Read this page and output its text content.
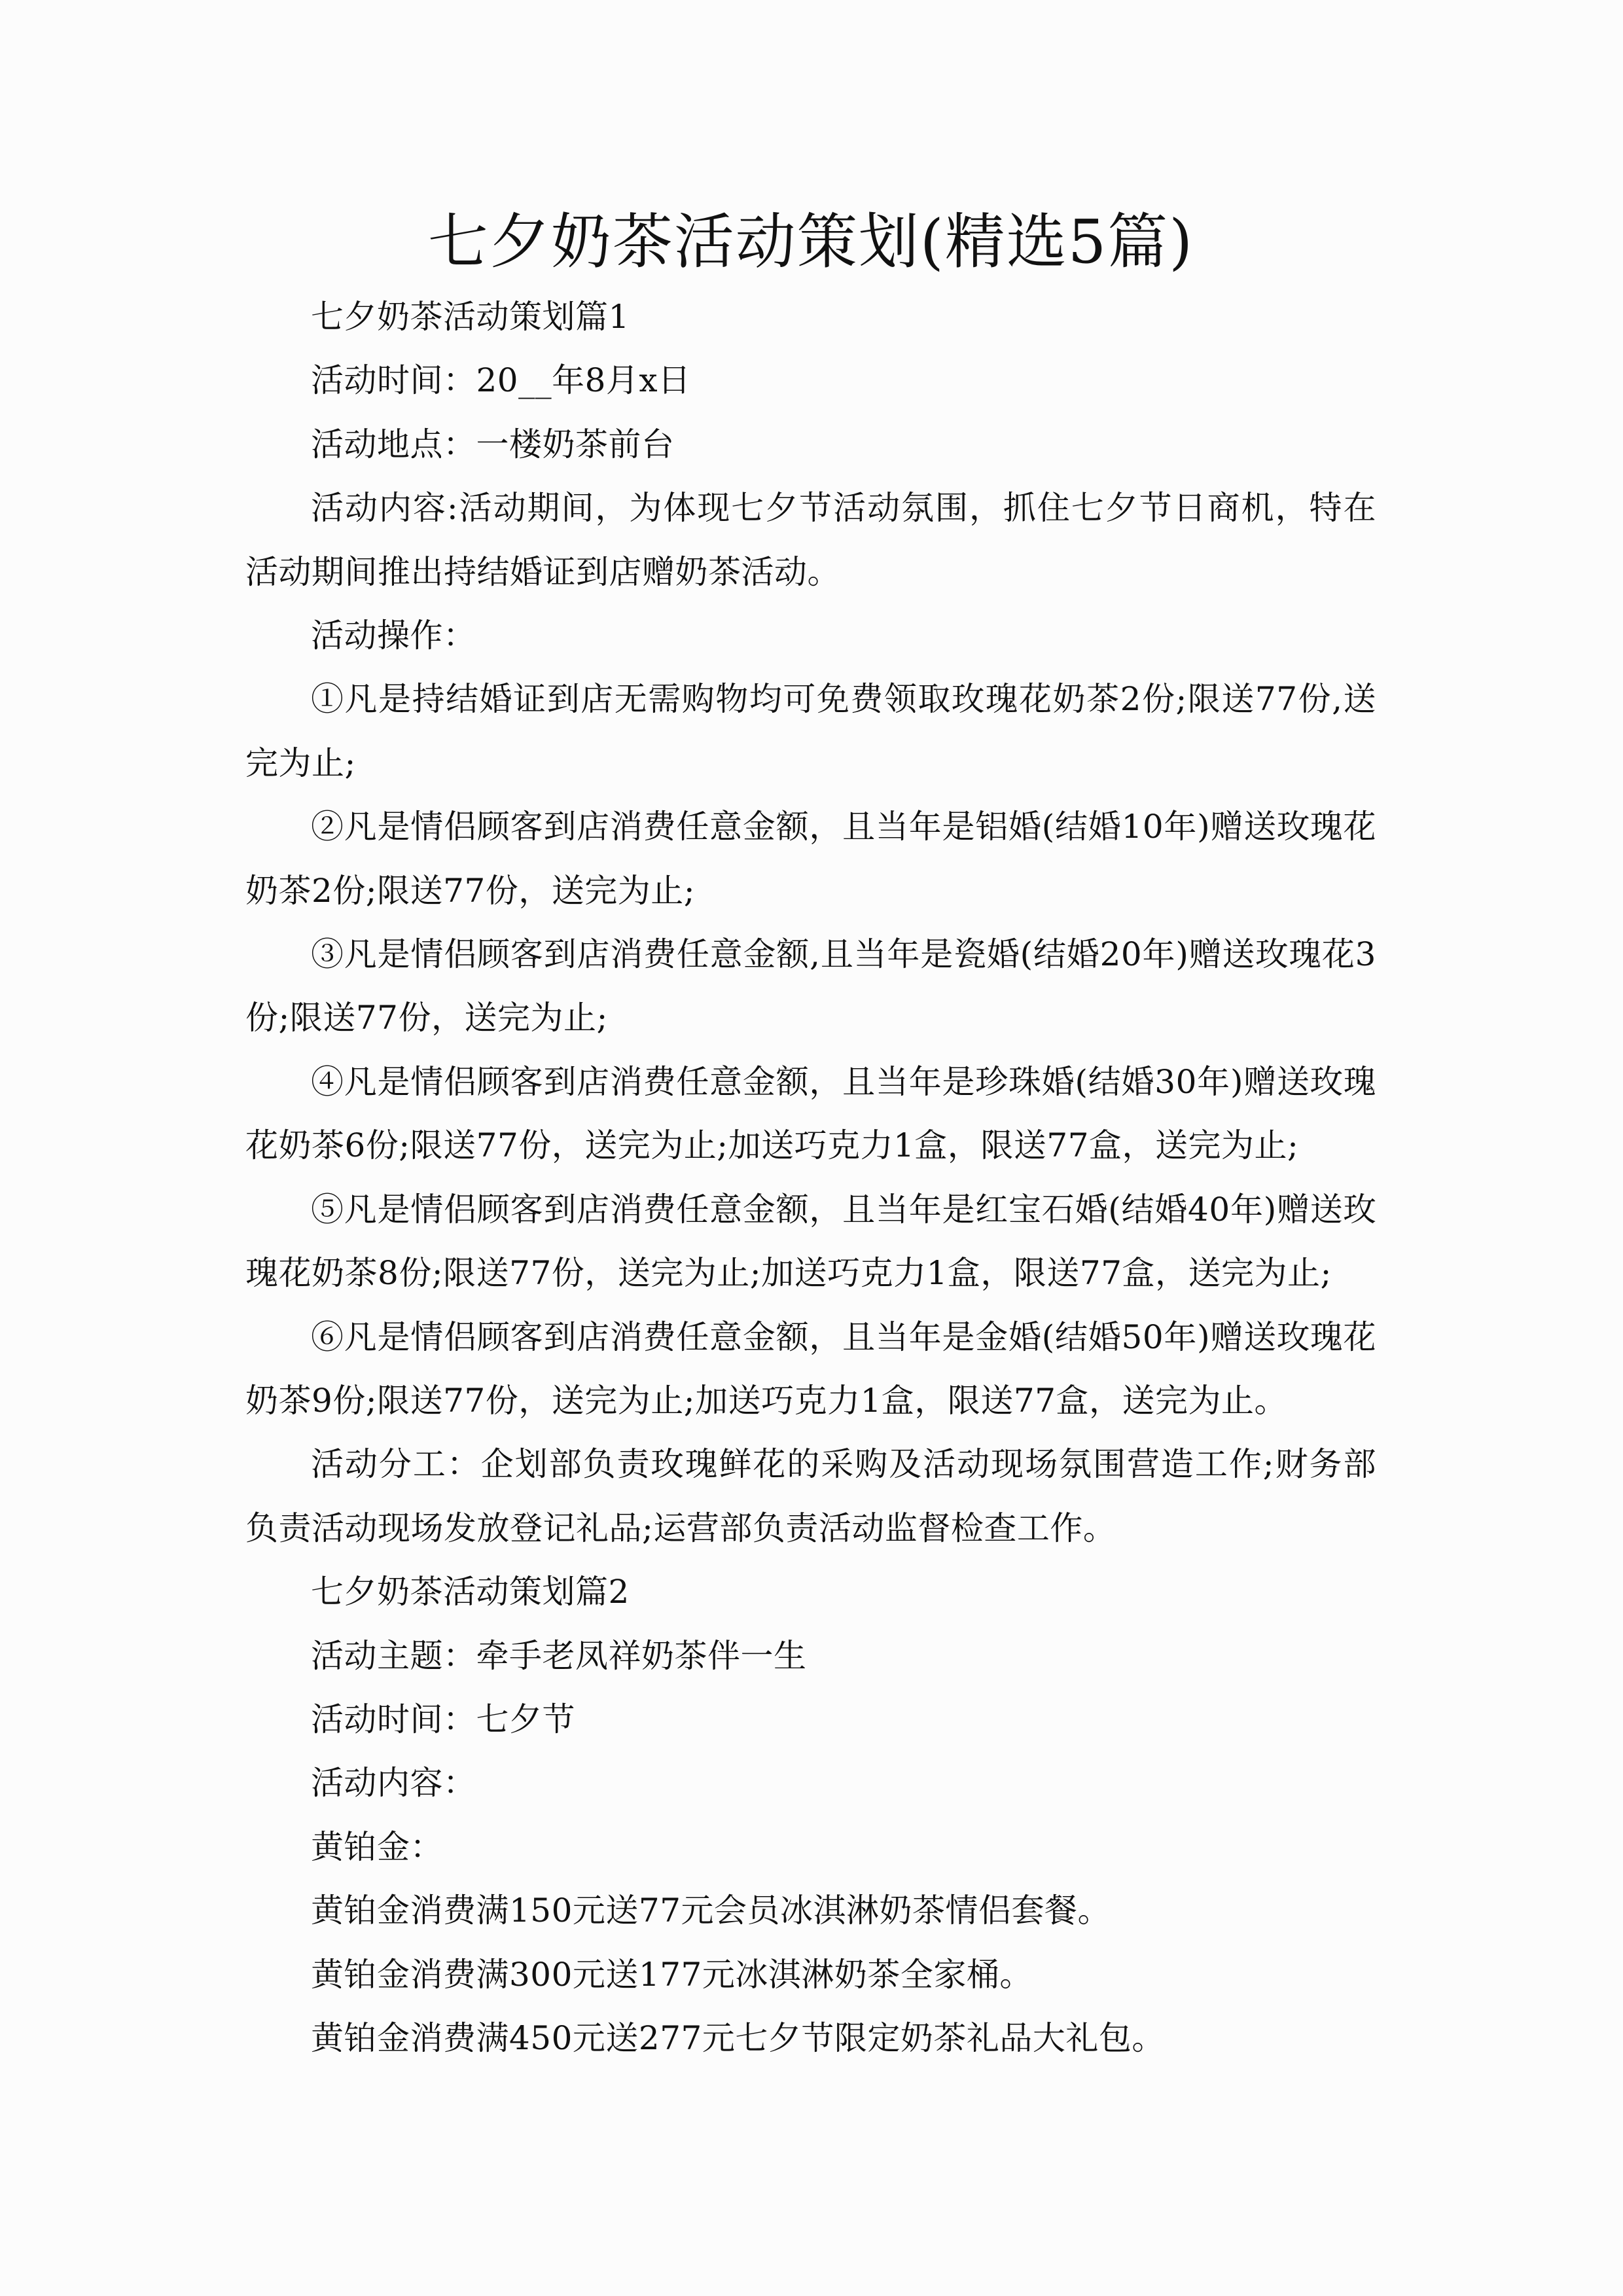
七夕奶茶活动策划(精选5篇)

七夕奶茶活动策划篇1

活动时间：20__年8月x日

活动地点：一楼奶茶前台

活动内容:活动期间，为体现七夕节活动氛围，抓住七夕节日商机，特在活动期间推出持结婚证到店赠奶茶活动。

活动操作：

①凡是持结婚证到店无需购物均可免费领取玫瑰花奶茶2份;限送77份,送完为止;

②凡是情侣顾客到店消费任意金额，且当年是铝婚(结婚10年)赠送玫瑰花奶茶2份;限送77份，送完为止;

③凡是情侣顾客到店消费任意金额,且当年是瓷婚(结婚20年)赠送玫瑰花3份;限送77份，送完为止;

④凡是情侣顾客到店消费任意金额，且当年是珍珠婚(结婚30年)赠送玫瑰花奶茶6份;限送77份，送完为止;加送巧克力1盒，限送77盒，送完为止;

⑤凡是情侣顾客到店消费任意金额，且当年是红宝石婚(结婚40年)赠送玫瑰花奶茶8份;限送77份，送完为止;加送巧克力1盒，限送77盒，送完为止;

⑥凡是情侣顾客到店消费任意金额，且当年是金婚(结婚50年)赠送玫瑰花奶茶9份;限送77份，送完为止;加送巧克力1盒，限送77盒，送完为止。

活动分工：企划部负责玫瑰鲜花的采购及活动现场氛围营造工作;财务部负责活动现场发放登记礼品;运营部负责活动监督检查工作。

七夕奶茶活动策划篇2

活动主题：牵手老凤祥奶茶伴一生

活动时间：七夕节

活动内容：

黄铂金：

黄铂金消费满150元送77元会员冰淇淋奶茶情侣套餐。

黄铂金消费满300元送177元冰淇淋奶茶全家桶。

黄铂金消费满450元送277元七夕节限定奶茶礼品大礼包。
